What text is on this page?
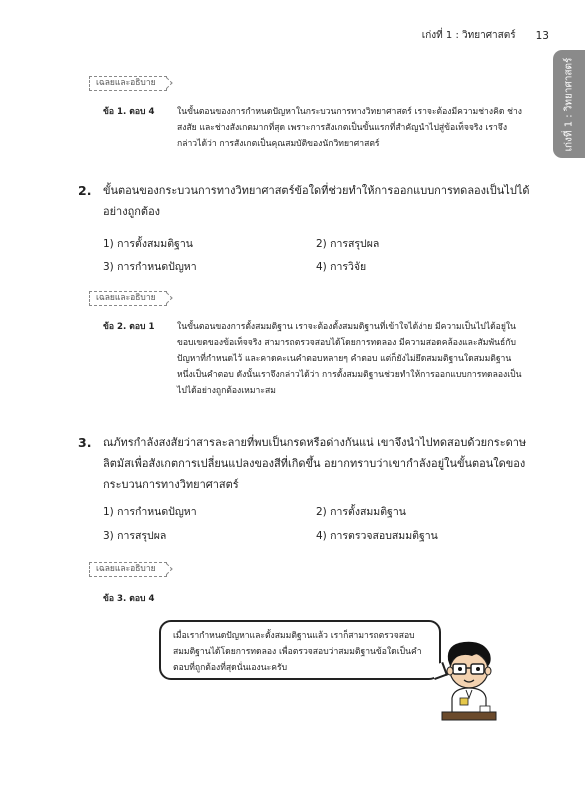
เก่งที่ 1 : วิทยาศาสตร์ 13
เก่งที่ 1 : วิทยาศาสตร์
เฉลยและอธิบาย
ข้อ 1. ตอบ 4	ในขั้นตอนของการกำหนดปัญหาในกระบวนการทางวิทยาศาสตร์ เราจะต้องมีความช่างคิด ช่างสงสัย และช่างสังเกตมากที่สุด เพราะการสังเกตเป็นขั้นแรกที่สำคัญนำไปสู่ข้อเท็จจริง เราจึงกล่าวได้ว่า การสังเกตเป็นคุณสมบัติของนักวิทยาศาสตร์
2. ขั้นตอนของกระบวนการทางวิทยาศาสตร์ข้อใดที่ช่วยทำให้การออกแบบการทดลองเป็นไปได้อย่างถูกต้อง
1) การตั้งสมมติฐาน	2) การสรุปผล
3) การกำหนดปัญหา	4) การวิจัย
เฉลยและอธิบาย
ข้อ 2. ตอบ 1	ในขั้นตอนของการตั้งสมมติฐาน เราจะต้องตั้งสมมติฐานที่เข้าใจได้ง่าย มีความเป็นไปได้อยู่ในขอบเขตของข้อเท็จจริง สามารถตรวจสอบได้โดยการทดลอง มีความสอดคล้องและสัมพันธ์กับปัญหาที่กำหนดไว้ และคาดคะเนคำตอบหลายๆ คำตอบ แต่ก็ยังไม่ยึดสมมติฐานใดสมมติฐานหนึ่งเป็นคำตอบ ดังนั้นเราจึงกล่าวได้ว่า การตั้งสมมติฐานช่วยทำให้การออกแบบการทดลองเป็นไปได้อย่างถูกต้องเหมาะสม
3. ณภัทรกำลังสงสัยว่าสารละลายที่พบเป็นกรดหรือด่างกันแน่ เขาจึงนำไปทดสอบด้วยกระดาษลิตมัสเพื่อสังเกตการเปลี่ยนแปลงของสีที่เกิดขึ้น อยากทราบว่าเขากำลังอยู่ในขั้นตอนใดของกระบวนการทางวิทยาศาสตร์
1) การกำหนดปัญหา	2) การตั้งสมมติฐาน
3) การสรุปผล	4) การตรวจสอบสมมติฐาน
เฉลยและอธิบาย
ข้อ 3. ตอบ 4
เมื่อเรากำหนดปัญหาและตั้งสมมติฐานแล้ว เราก็สามารถตรวจสอบสมมติฐานได้โดยการทดลอง เพื่อตรวจสอบว่าสมมติฐานข้อใดเป็นคำตอบที่ถูกต้องที่สุดนั่นเองนะครับ
